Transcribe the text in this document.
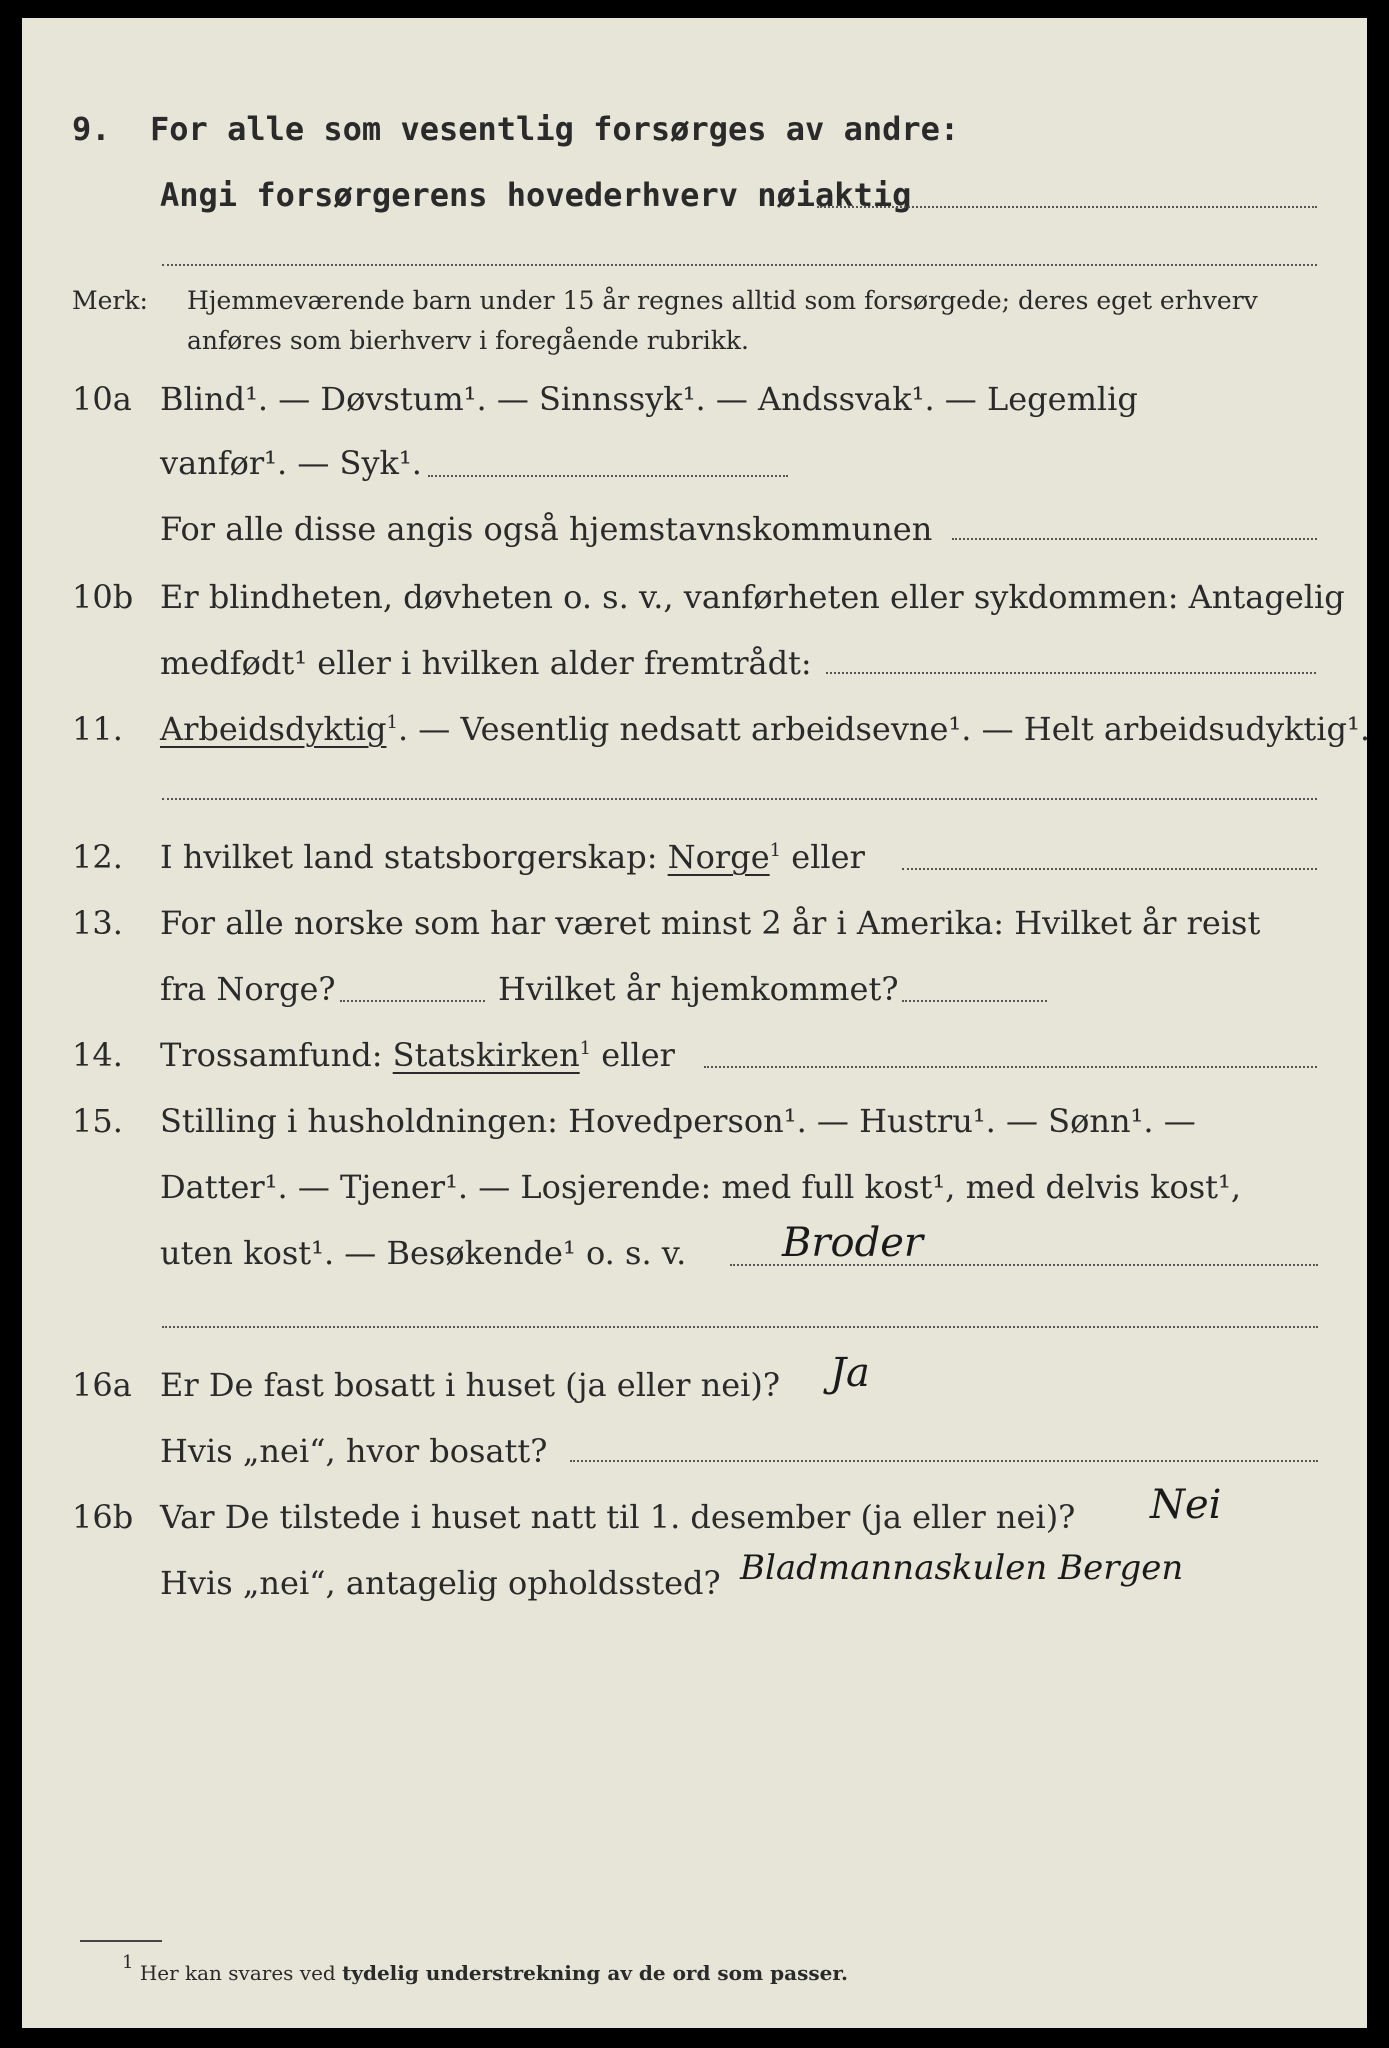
9. For alle som vesentlig forsørges av andre:
Angi forsørgerens hovederhverv nøiaktig
Merk: Hjemmeværende barn under 15 år regnes alltid som forsørgede; deres eget erhverv
anføres som bierhverv i foregående rubrikk.
10a Blind¹. — Døvstum¹. — Sinnssyk¹. — Andssvak¹. — Legemlig
vanfør¹. — Syk¹.
For alle disse angis også hjemstavnskommunen
10b Er blindheten, døvheten o. s. v., vanførheten eller sykdommen: Antagelig
medfødt¹ eller i hvilken alder fremtrådt:
11. Arbeidsdyktig$^1$. — Vesentlig nedsatt arbeidsevne¹. — Helt arbeidsudyktig¹.
12. I hvilket land statsborgerskap: Norge$^1$ eller
13. For alle norske som har været minst 2 år i Amerika: Hvilket år reist
fra Norge?	Hvilket år hjemkommet?
14. Trossamfund: Statskirken$^1$ eller
15. Stilling i husholdningen: Hovedperson¹. — Hustru¹. — Sønn¹. —
Datter¹. — Tjener¹. — Losjerende: med full kost¹, med delvis kost¹,
uten kost¹. — Besøkende¹ o. s. v. Broder
16a Er De fast bosatt i huset (ja eller nei)? Ja
Hvis „nei“, hvor bosatt?
16b Var De tilstede i huset natt til 1. desember (ja eller nei)? Nei
Hvis „nei“, antagelig opholdssted? Bladmannaskulen Bergen
$^1$ Her kan svares ved tydelig understrekning av de ord som passer.
